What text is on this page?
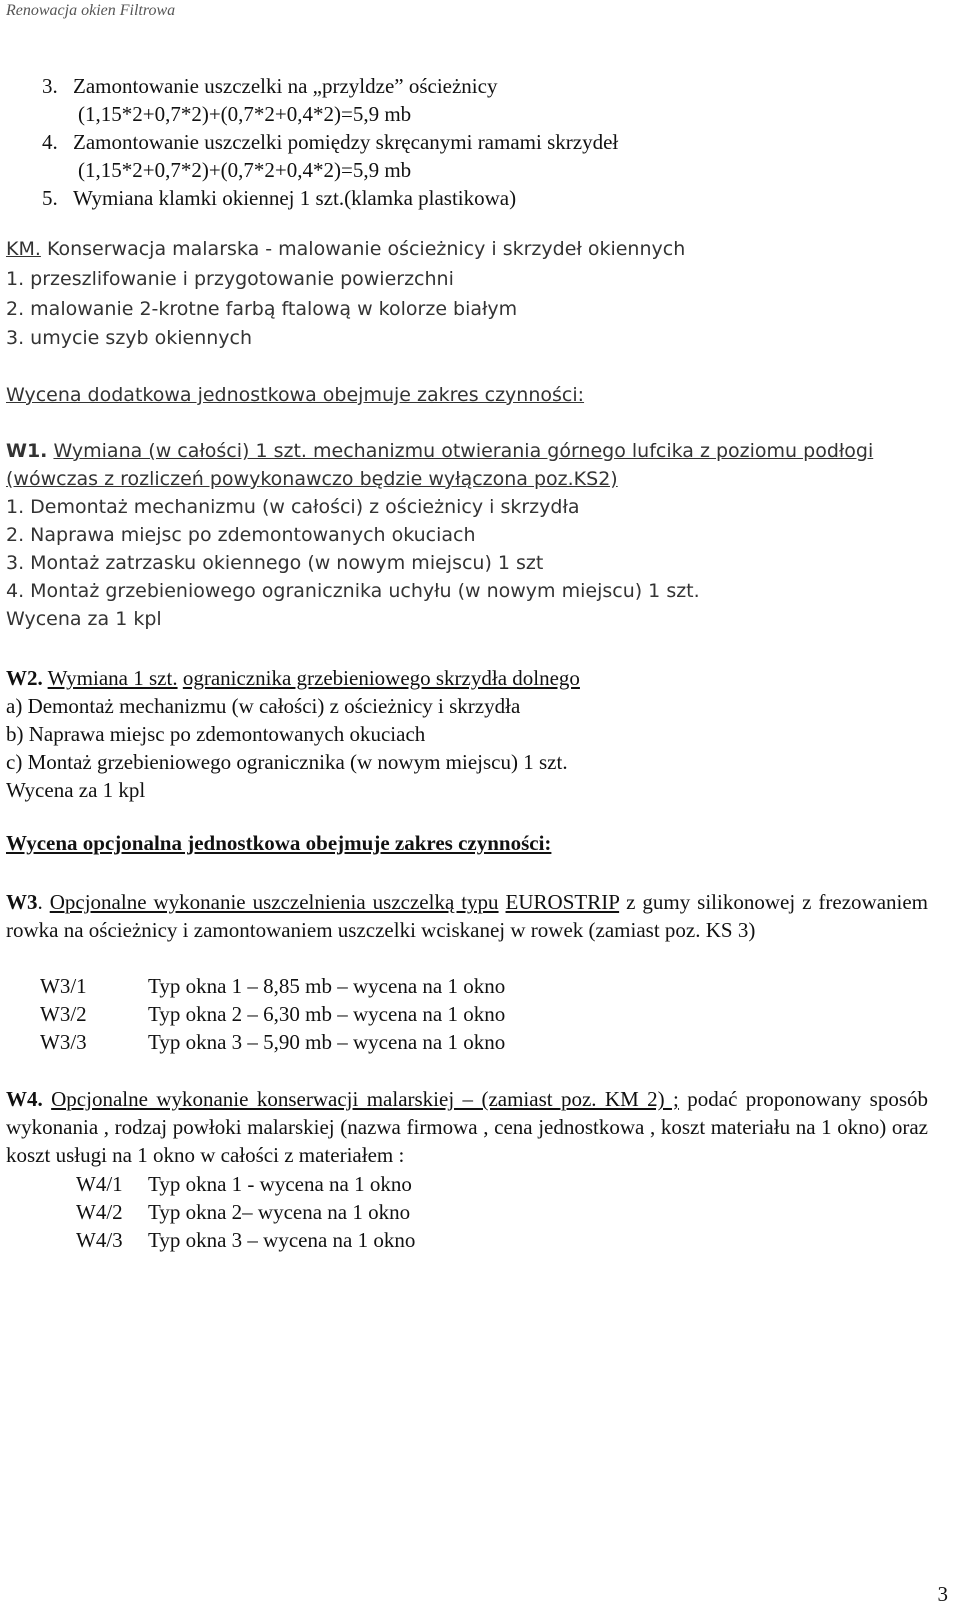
Renowacja okien Filtrowa
3. Zamontowanie uszczelki na „przyldze” ościeżnicy
(1,15*2+0,7*2)+(0,7*2+0,4*2)=5,9 mb
4. Zamontowanie uszczelki pomiędzy skręcanymi ramami skrzydeł
(1,15*2+0,7*2)+(0,7*2+0,4*2)=5,9 mb
5. Wymiana klamki okiennej 1 szt.(klamka plastikowa)
KM. Konserwacja malarska - malowanie ościeżnicy i skrzydeł okiennych
1. przeszlifowanie i przygotowanie powierzchni
2. malowanie 2-krotne farbą ftalową w kolorze białym
3. umycie szyb okiennych
Wycena dodatkowa jednostkowa obejmuje zakres czynności:
W1. Wymiana (w całości) 1 szt. mechanizmu otwierania górnego lufcika z poziomu podłogi
(wówczas z rozliczeń powykonawczo będzie wyłączona poz.KS2)
1. Demontaż mechanizmu (w całości) z ościeżnicy i skrzydła
2. Naprawa miejsc po zdemontowanych okuciach
3. Montaż zatrzasku okiennego (w nowym miejscu) 1 szt
4. Montaż grzebieniowego ogranicznika uchyłu (w nowym miejscu) 1 szt.
Wycena za 1 kpl
W2. Wymiana 1 szt. ogranicznika grzebieniowego skrzydła dolnego
a) Demontaż mechanizmu (w całości) z ościeżnicy i skrzydła
b) Naprawa miejsc po zdemontowanych okuciach
c) Montaż grzebieniowego ogranicznika (w nowym miejscu) 1 szt.
Wycena za 1 kpl
Wycena opcjonalna jednostkowa obejmuje zakres czynności:
W3. Opcjonalne wykonanie uszczelnienia uszczelką typu EUROSTRIP z gumy silikonowej z frezowaniem rowka na ościeżnicy i zamontowaniem uszczelki wciskanej w rowek (zamiast poz. KS 3)
W3/1	Typ okna 1 – 8,85 mb – wycena na 1 okno
W3/2	Typ okna 2 – 6,30 mb – wycena na 1 okno
W3/3	Typ okna 3 – 5,90 mb – wycena na 1 okno
W4. Opcjonalne wykonanie konserwacji malarskiej – (zamiast poz. KM 2) ; podać proponowany sposób wykonania , rodzaj powłoki malarskiej (nazwa firmowa , cena jednostkowa , koszt materiału na 1 okno) oraz koszt usługi na 1 okno w całości z materiałem :
W4/1 Typ okna 1 - wycena na 1 okno
W4/2 Typ okna 2– wycena na 1 okno
W4/3 Typ okna 3 – wycena na 1 okno
3
